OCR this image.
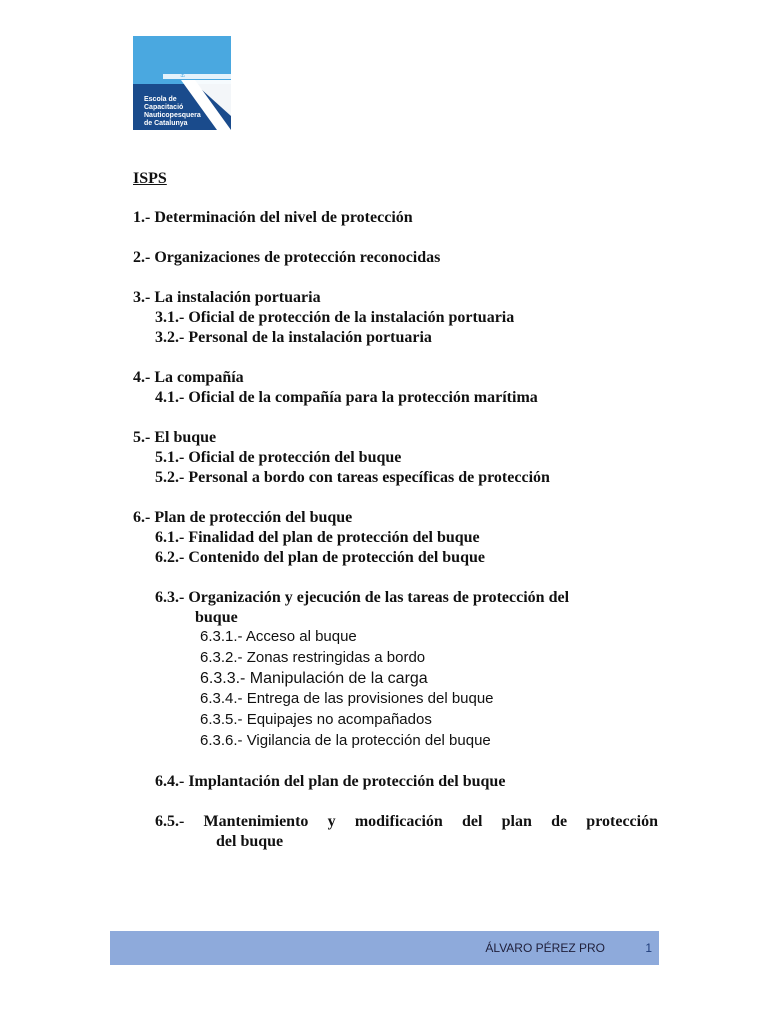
⚓
Escola de
Capacitació
Nauticopesquera
de Catalunya
ISPS
1.- Determinación del nivel de protección
2.- Organizaciones de protección reconocidas
3.- La instalación portuaria
3.1.- Oficial de protección de la instalación portuaria
3.2.- Personal de la instalación portuaria
4.- La compañía
4.1.- Oficial de la compañía para la protección marítima
5.- El buque
5.1.- Oficial de protección del buque
5.2.- Personal a bordo con tareas específicas de protección
6.- Plan de protección del buque
6.1.- Finalidad del plan de protección del buque
6.2.- Contenido del plan de protección del buque
6.3.- Organización y ejecución de las tareas de protección del
buque
6.3.1.- Acceso al buque
6.3.2.- Zonas restringidas a bordo
6.3.3.- Manipulación de la carga
6.3.4.- Entrega de las provisiones del buque
6.3.5.- Equipajes no acompañados
6.3.6.- Vigilancia de la protección del buque
6.4.- Implantación del plan de protección del buque
6.5.- Mantenimiento y modificación del plan de protección
del buque
ÁLVARO PÉREZ PRO	1
